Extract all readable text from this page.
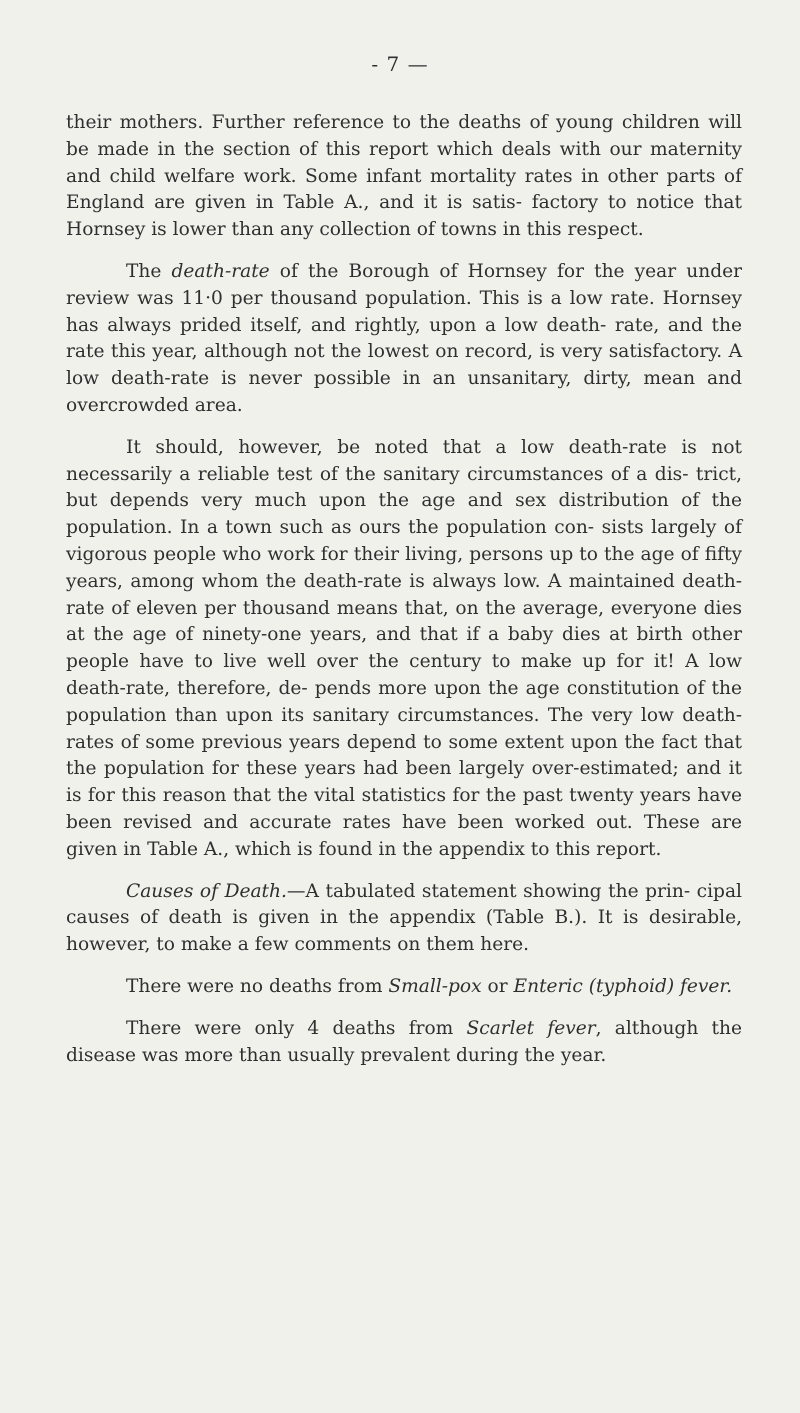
- 7 —

their mothers. Further reference to the deaths of young children will be made in the section of this report which deals with our maternity and child welfare work. Some infant mortality rates in other parts of England are given in Table A., and it is satis- factory to notice that Hornsey is lower than any collection of towns in this respect.

The death-rate of the Borough of Hornsey for the year under review was 11·0 per thousand population. This is a low rate. Hornsey has always prided itself, and rightly, upon a low death- rate, and the rate this year, although not the lowest on record, is very satisfactory. A low death-rate is never possible in an unsanitary, dirty, mean and overcrowded area.

It should, however, be noted that a low death-rate is not necessarily a reliable test of the sanitary circumstances of a dis- trict, but depends very much upon the age and sex distribution of the population. In a town such as ours the population con- sists largely of vigorous people who work for their living, persons up to the age of fifty years, among whom the death-rate is always low. A maintained death-rate of eleven per thousand means that, on the average, everyone dies at the age of ninety-one years, and that if a baby dies at birth other people have to live well over the century to make up for it! A low death-rate, therefore, de- pends more upon the age constitution of the population than upon its sanitary circumstances. The very low death-rates of some previous years depend to some extent upon the fact that the population for these years had been largely over-estimated; and it is for this reason that the vital statistics for the past twenty years have been revised and accurate rates have been worked out. These are given in Table A., which is found in the appendix to this report.

Causes of Death.—A tabulated statement showing the prin- cipal causes of death is given in the appendix (Table B.). It is desirable, however, to make a few comments on them here.

There were no deaths from Small-pox or Enteric (typhoid) fever.

There were only 4 deaths from Scarlet fever, although the disease was more than usually prevalent during the year.
